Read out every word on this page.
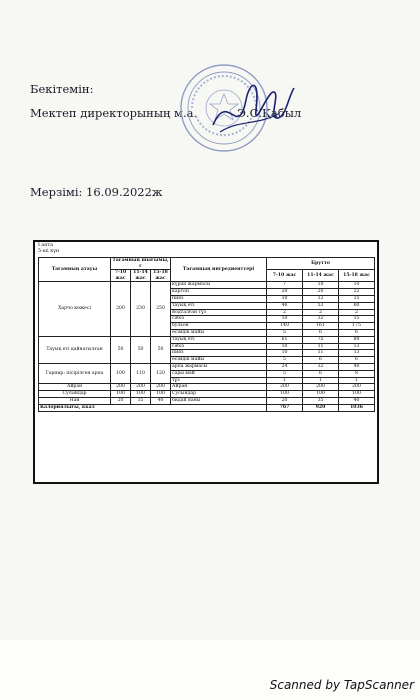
Бекітемін:
Мектеп директорының м.а.	Э.С.Қабыл
Мерзімі: 16.09.2022ж
I апта
5-ші күн
Тағамның атауы	Тағамның шығымы, г			Тағамның ингредиенттері	Брутто		
	7-10 жас	11-14 жас	15-18 жас		7-10 жас	11-14 жас	15-18 жас
Харчо көжесі	200	230	250	күріш жармасы	7	10	10
				картоп	20	20	22
				пияз	10	12	15
				тауық еті	46	53	60
				йодталған тұз	2	2	2
				сәбіз	10	12	15
				бульон	140	161	175
				өсімдік майы	5	6	6
Тауық еті қайнатылған	50	50	50	тауық еті	61	75	89
				сәбіз	10	11	13
				пияз	10	11	13
				өсімдік майы	5	6	6
Гарнир: пісірілген арпа	100	110	120	арпа жармасы	24	32	40
				сары май	5	6	8
				тұз	1	1	1
Айран	200	200	200	Айран	200	200	200
Сусындар	100	100	100	Сусындар	100	100	100
Нан	20	35	40	бидай наны	20	35	40
Калориялығы, ккал					767	920	1036
Scanned by TapScanner
